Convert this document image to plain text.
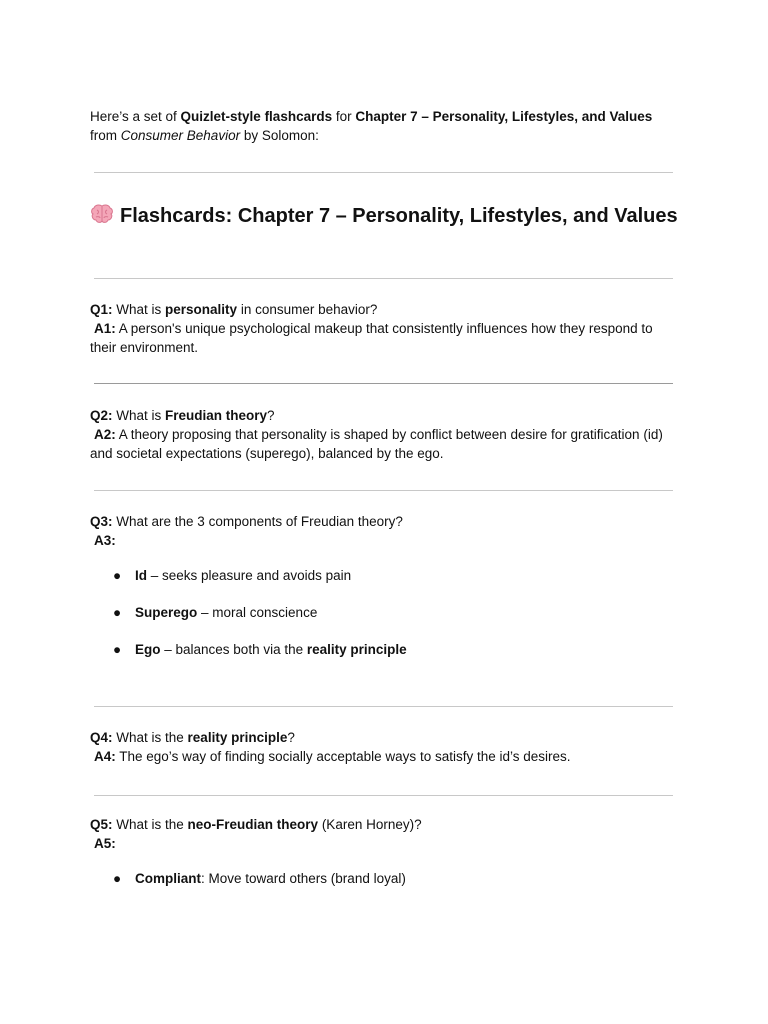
Here’s a set of Quizlet-style flashcards for Chapter 7 – Personality, Lifestyles, and Values

from Consumer Behavior by Solomon:

Flashcards: Chapter 7 – Personality, Lifestyles, and Values

Q1: What is personality in consumer behavior?

A1: A person's unique psychological makeup that consistently influences how they respond to

their environment.

Q2: What is Freudian theory?

A2: A theory proposing that personality is shaped by conflict between desire for gratification (id)

and societal expectations (superego), balanced by the ego.

Q3: What are the 3 components of Freudian theory?

A3:

● Id – seeks pleasure and avoids pain
● Superego – moral conscience
● Ego – balances both via the reality principle

Q4: What is the reality principle?

A4: The ego’s way of finding socially acceptable ways to satisfy the id’s desires.

Q5: What is the neo-Freudian theory (Karen Horney)?

A5:

● Compliant: Move toward others (brand loyal)
